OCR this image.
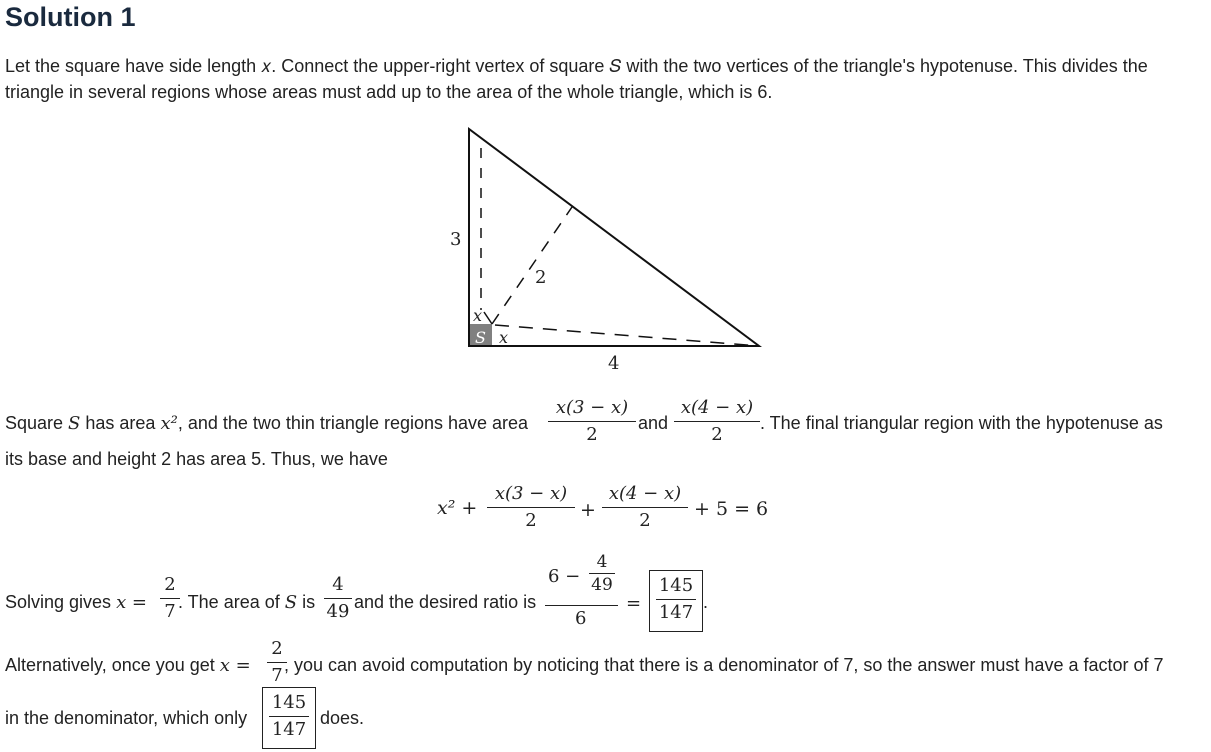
Solution 1
Let the square have side length 𝑥. Connect the upper-right vertex of square 𝑆 with the two vertices of the triangle's hypotenuse. This divides the
triangle in several regions whose areas must add up to the area of the whole triangle, which is 6.
3
2
x
S x
4
Square S has area x², and the two thin triangle regions have area
x(3 − x)
2
and
x(4 − x)
2
. The final triangular region with the hypotenuse as
its base and height 2 has area 5. Thus, we have
x² +
x(3 − x)
2	+
x(4 − x)
2
+ 5 = 6
Solving gives x =
2
7 . The area of S is
4
49 and the desired ratio is
6 −
4
49
6
=
145
147 .
Alternatively, once you get x =
2
7 , you can avoid computation by noticing that there is a denominator of 7, so the answer must have a factor of 7
in the denominator, which only
145
147
does.
